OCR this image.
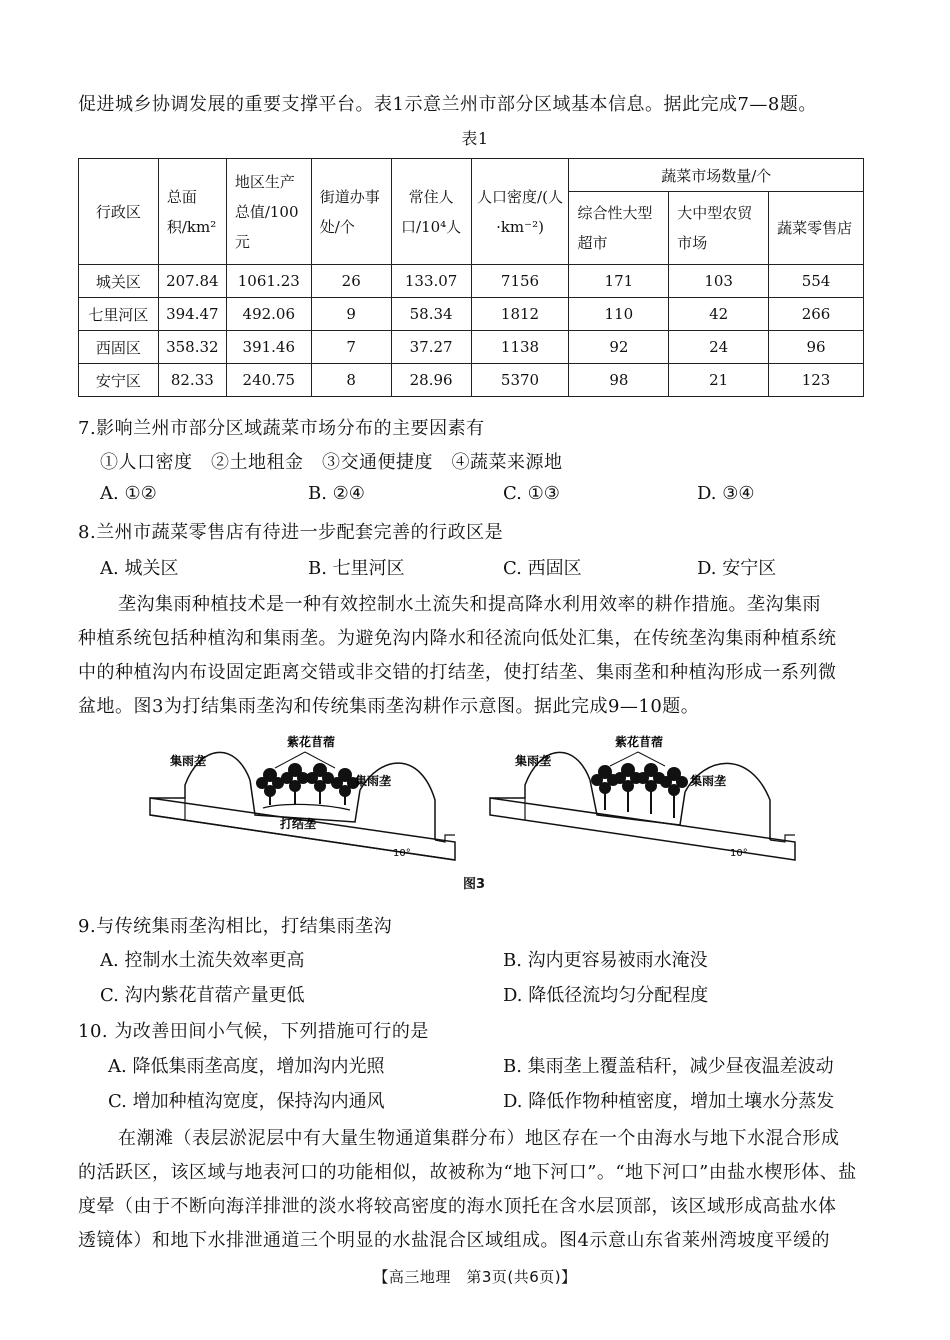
促进城乡协调发展的重要支撑平台。表1示意兰州市部分区域基本信息。据此完成7—8题。
表1
行政区	总面积/km²	地区生产总值/100元	街道办事处/个	常住人口/10⁴人	人口密度/(人·km⁻²)	蔬菜市场数量/个		
						综合性大型超市	大中型农贸市场	蔬菜零售店
城关区	207.84	1061.23	26	133.07	7156	171	103	554
七里河区	394.47	492.06	9	58.34	1812	110	42	266
西固区	358.32	391.46	7	37.27	1138	92	24	96
安宁区	82.33	240.75	8	28.96	5370	98	21	123
7.影响兰州市部分区域蔬菜市场分布的主要因素有
①人口密度　②土地租金　③交通便捷度　④蔬菜来源地
A. ①②	B. ②④	C. ①③	D. ③④
8.兰州市蔬菜零售店有待进一步配套完善的行政区是
A. 城关区	B. 七里河区	C. 西固区	D. 安宁区
垄沟集雨种植技术是一种有效控制水土流失和提高降水利用效率的耕作措施。垄沟集雨
种植系统包括种植沟和集雨垄。为避免沟内降水和径流向低处汇集，在传统垄沟集雨种植系统
中的种植沟内布设固定距离交错或非交错的打结垄，使打结垄、集雨垄和种植沟形成一系列微
盆地。图3为打结集雨垄沟和传统集雨垄沟耕作示意图。据此完成9—10题。
紫花苜蓿
集雨垄
集雨垄
打结垄
10°
紫花苜蓿
集雨垄
集雨垄
10°
图3
9.与传统集雨垄沟相比，打结集雨垄沟
A. 控制水土流失效率更高	B. 沟内更容易被雨水淹没
C. 沟内紫花苜蓿产量更低	D. 降低径流均匀分配程度
10. 为改善田间小气候，下列措施可行的是
A. 降低集雨垄高度，增加沟内光照	B. 集雨垄上覆盖秸秆，减少昼夜温差波动
C. 增加种植沟宽度，保持沟内通风	D. 降低作物种植密度，增加土壤水分蒸发
在潮滩（表层淤泥层中有大量生物通道集群分布）地区存在一个由海水与地下水混合形成
的活跃区，该区域与地表河口的功能相似，故被称为“地下河口”。“地下河口”由盐水楔形体、盐
度晕（由于不断向海洋排泄的淡水将较高密度的海水顶托在含水层顶部，该区域形成高盐水体
透镜体）和地下水排泄通道三个明显的水盐混合区域组成。图4示意山东省莱州湾坡度平缓的
【高三地理　第3页(共6页)】
